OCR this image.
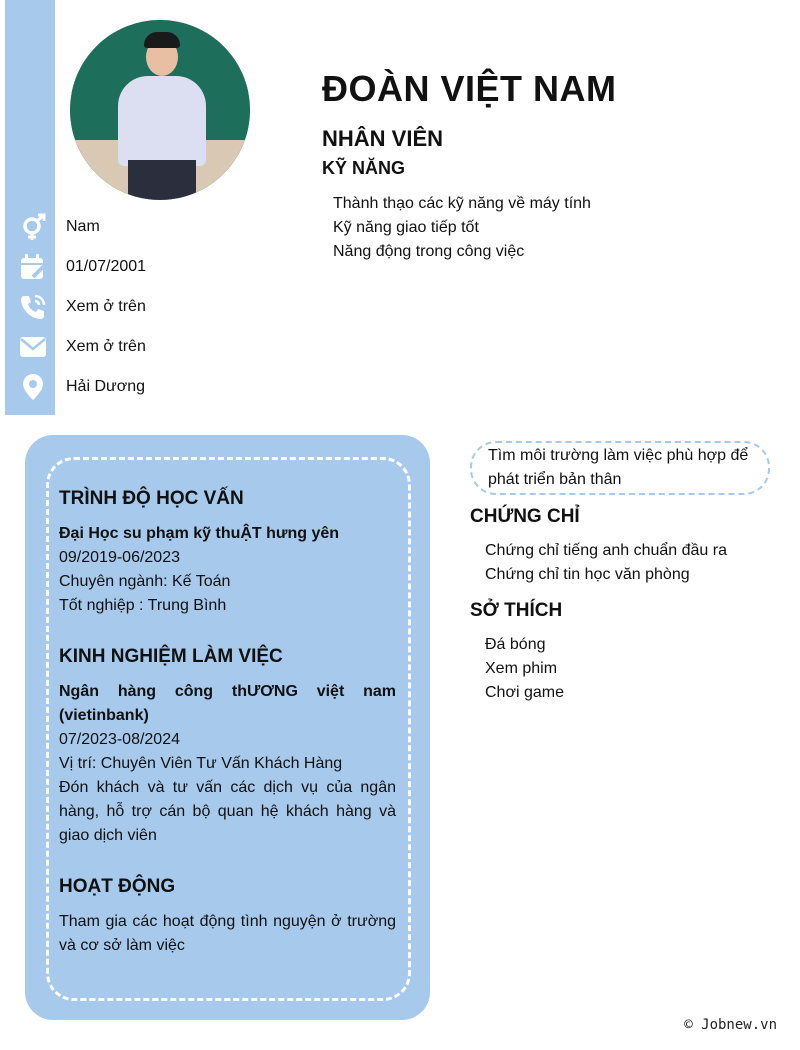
Nam
01/07/2001
Xem ở trên
Xem ở trên
Hải Dương
ĐOÀN VIỆT NAM
NHÂN VIÊN
KỸ NĂNG
Thành thạo các kỹ năng về máy tính
Kỹ năng giao tiếp tốt
Năng động trong công việc
TRÌNH ĐỘ HỌC VẤN
Đại Học su phạm kỹ thuẬT hưng yên
09/2019-06/2023
Chuyên ngành: Kế Toán
Tốt nghiệp : Trung Bình
KINH NGHIỆM LÀM VIỆC
Ngân hàng công thƯƠNG việt nam (vietinbank)
07/2023-08/2024
Vị trí: Chuyên Viên Tư Vấn Khách Hàng
Đón khách và tư vấn các dịch vụ của ngân hàng, hỗ trợ cán bộ quan hệ khách hàng và giao dịch viên
HOẠT ĐỘNG
Tham gia các hoạt động tình nguyện ở trường và cơ sở làm việc
Tìm môi trường làm việc phù hợp để phát triển bản thân
CHỨNG CHỈ
Chứng chỉ tiếng anh chuẩn đầu ra
Chứng chỉ tin học văn phòng
SỞ THÍCH
Đá bóng
Xem phim
Chơi game
© Jobnew.vn
